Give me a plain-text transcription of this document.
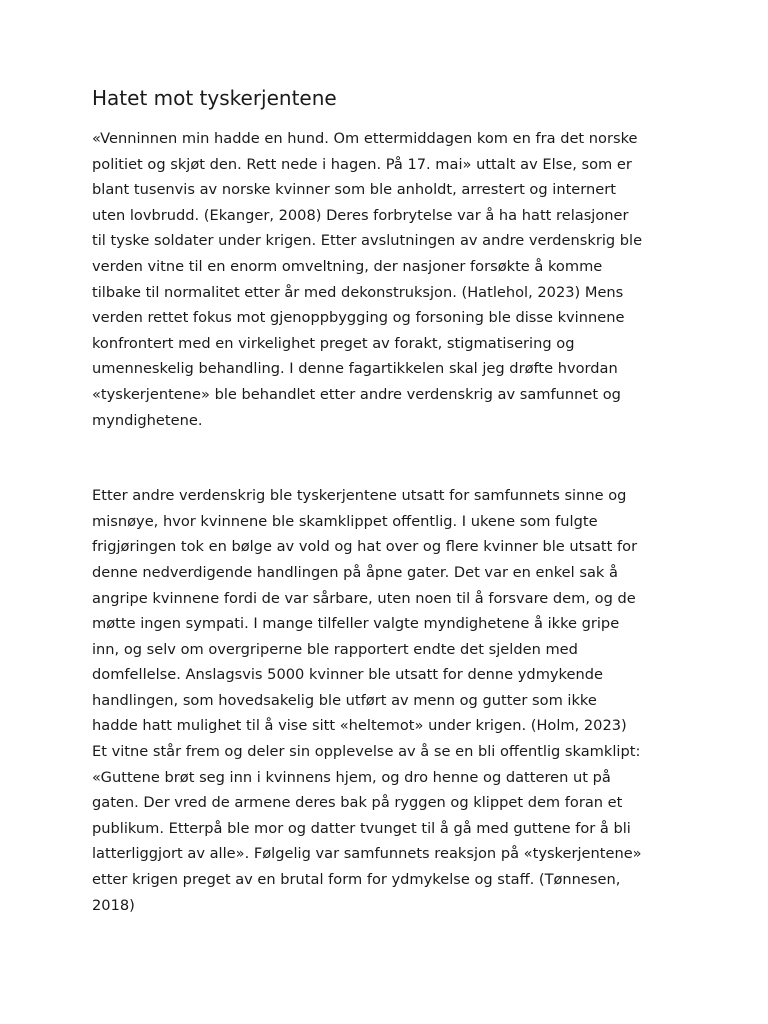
Hatet mot tyskerjentene

«Venninnen min hadde en hund. Om ettermiddagen kom en fra det norske
politiet og skjøt den. Rett nede i hagen. På 17. mai» uttalt av Else, som er
blant tusenvis av norske kvinner som ble anholdt, arrestert og internert
uten lovbrudd. (Ekanger, 2008) Deres forbrytelse var å ha hatt relasjoner
til tyske soldater under krigen. Etter avslutningen av andre verdenskrig ble
verden vitne til en enorm omveltning, der nasjoner forsøkte å komme
tilbake til normalitet etter år med dekonstruksjon. (Hatlehol, 2023) Mens
verden rettet fokus mot gjenoppbygging og forsoning ble disse kvinnene
konfrontert med en virkelighet preget av forakt, stigmatisering og
umenneskelig behandling. I denne fagartikkelen skal jeg drøfte hvordan
«tyskerjentene» ble behandlet etter andre verdenskrig av samfunnet og
myndighetene.

Etter andre verdenskrig ble tyskerjentene utsatt for samfunnets sinne og
misnøye, hvor kvinnene ble skamklippet offentlig. I ukene som fulgte
frigjøringen tok en bølge av vold og hat over og flere kvinner ble utsatt for
denne nedverdigende handlingen på åpne gater. Det var en enkel sak å
angripe kvinnene fordi de var sårbare, uten noen til å forsvare dem, og de
møtte ingen sympati. I mange tilfeller valgte myndighetene å ikke gripe
inn, og selv om overgriperne ble rapportert endte det sjelden med
domfellelse. Anslagsvis 5000 kvinner ble utsatt for denne ydmykende
handlingen, som hovedsakelig ble utført av menn og gutter som ikke
hadde hatt mulighet til å vise sitt «heltemot» under krigen. (Holm, 2023)
Et vitne står frem og deler sin opplevelse av å se en bli offentlig skamklipt:
«Guttene brøt seg inn i kvinnens hjem, og dro henne og datteren ut på
gaten. Der vred de armene deres bak på ryggen og klippet dem foran et
publikum. Etterpå ble mor og datter tvunget til å gå med guttene for å bli
latterliggjort av alle». Følgelig var samfunnets reaksjon på «tyskerjentene»
etter krigen preget av en brutal form for ydmykelse og staff. (Tønnesen,
2018)
